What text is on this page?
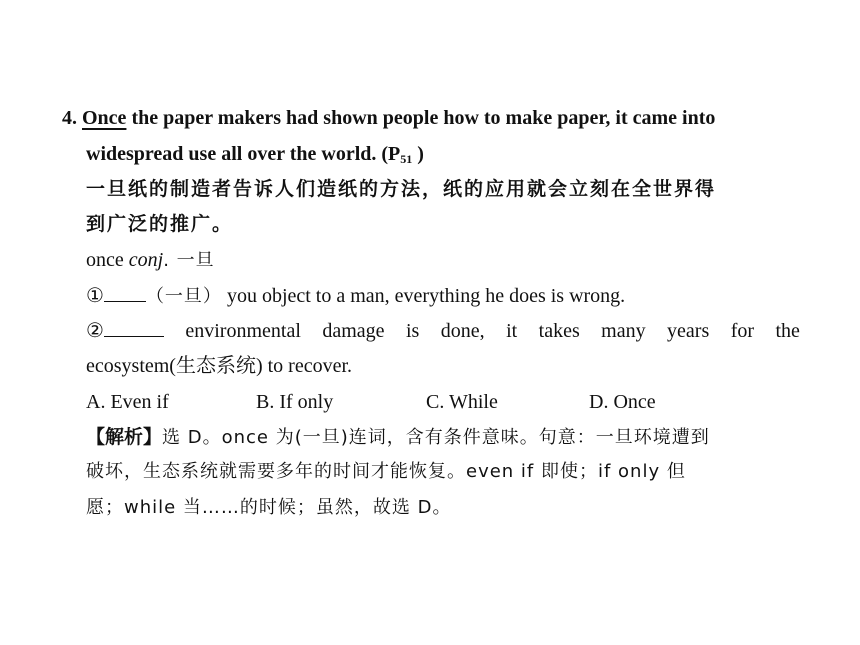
4. Once the paper makers had shown people how to make paper, it came into
widespread use all over the world. ($P_{51}$ )
一旦纸的制造者告诉人们造纸的方法，纸的应用就会立刻在全世界得
到广泛的推广。
once conj. 一旦
① （一旦） you object to a man, everything he does is wrong.
②	environmental damage is done, it takes many years for the
ecosystem(生态系统) to recover.
A. Even if	B. If only	C. While	D. Once
【解析】选 D。once 为(一旦)连词，含有条件意味。句意：一旦环境遭到
破坏，生态系统就需要多年的时间才能恢复。even if 即使；if only 但
愿；while 当……的时候；虽然，故选 D。
